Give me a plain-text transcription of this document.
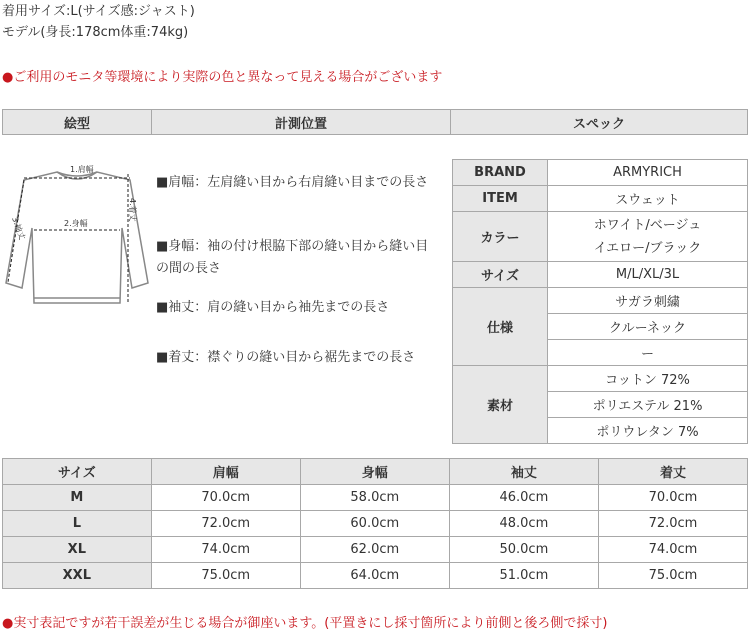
着用サイズ:L(サイズ感:ジャスト)
モデル(身長:178cm体重:74kg)
●ご利用のモニタ等環境により実際の色と異なって見える場合がございます
絵型	計測位置	スペック
1.肩幅
2.身幅
3.袖丈
4.着丈
■肩幅：左肩縫い目から右肩縫い目までの長さ
■身幅：袖の付け根脇下部の縫い目から縫い目
の間の長さ
■袖丈：肩の縫い目から袖先までの長さ
■着丈：襟ぐりの縫い目から裾先までの長さ
BRAND	ARMYRICH
ITEM	スウェット
カラー	ホワイト/ベージュ
イエロー/ブラック

サイズ	M/L/XL/3L
仕様	サガラ刺繍
	クルーネック
	ー
素材	コットン 72%
	ポリエステル 21%
	ポリウレタン 7%
サイズ	肩幅	身幅	袖丈	着丈
M	70.0cm	58.0cm	46.0cm	70.0cm
L	72.0cm	60.0cm	48.0cm	72.0cm
XL	74.0cm	62.0cm	50.0cm	74.0cm
XXL	75.0cm	64.0cm	51.0cm	75.0cm
●実寸表記ですが若干誤差が生じる場合が御座います。(平置きにし採寸箇所により前側と後ろ側で採寸)
